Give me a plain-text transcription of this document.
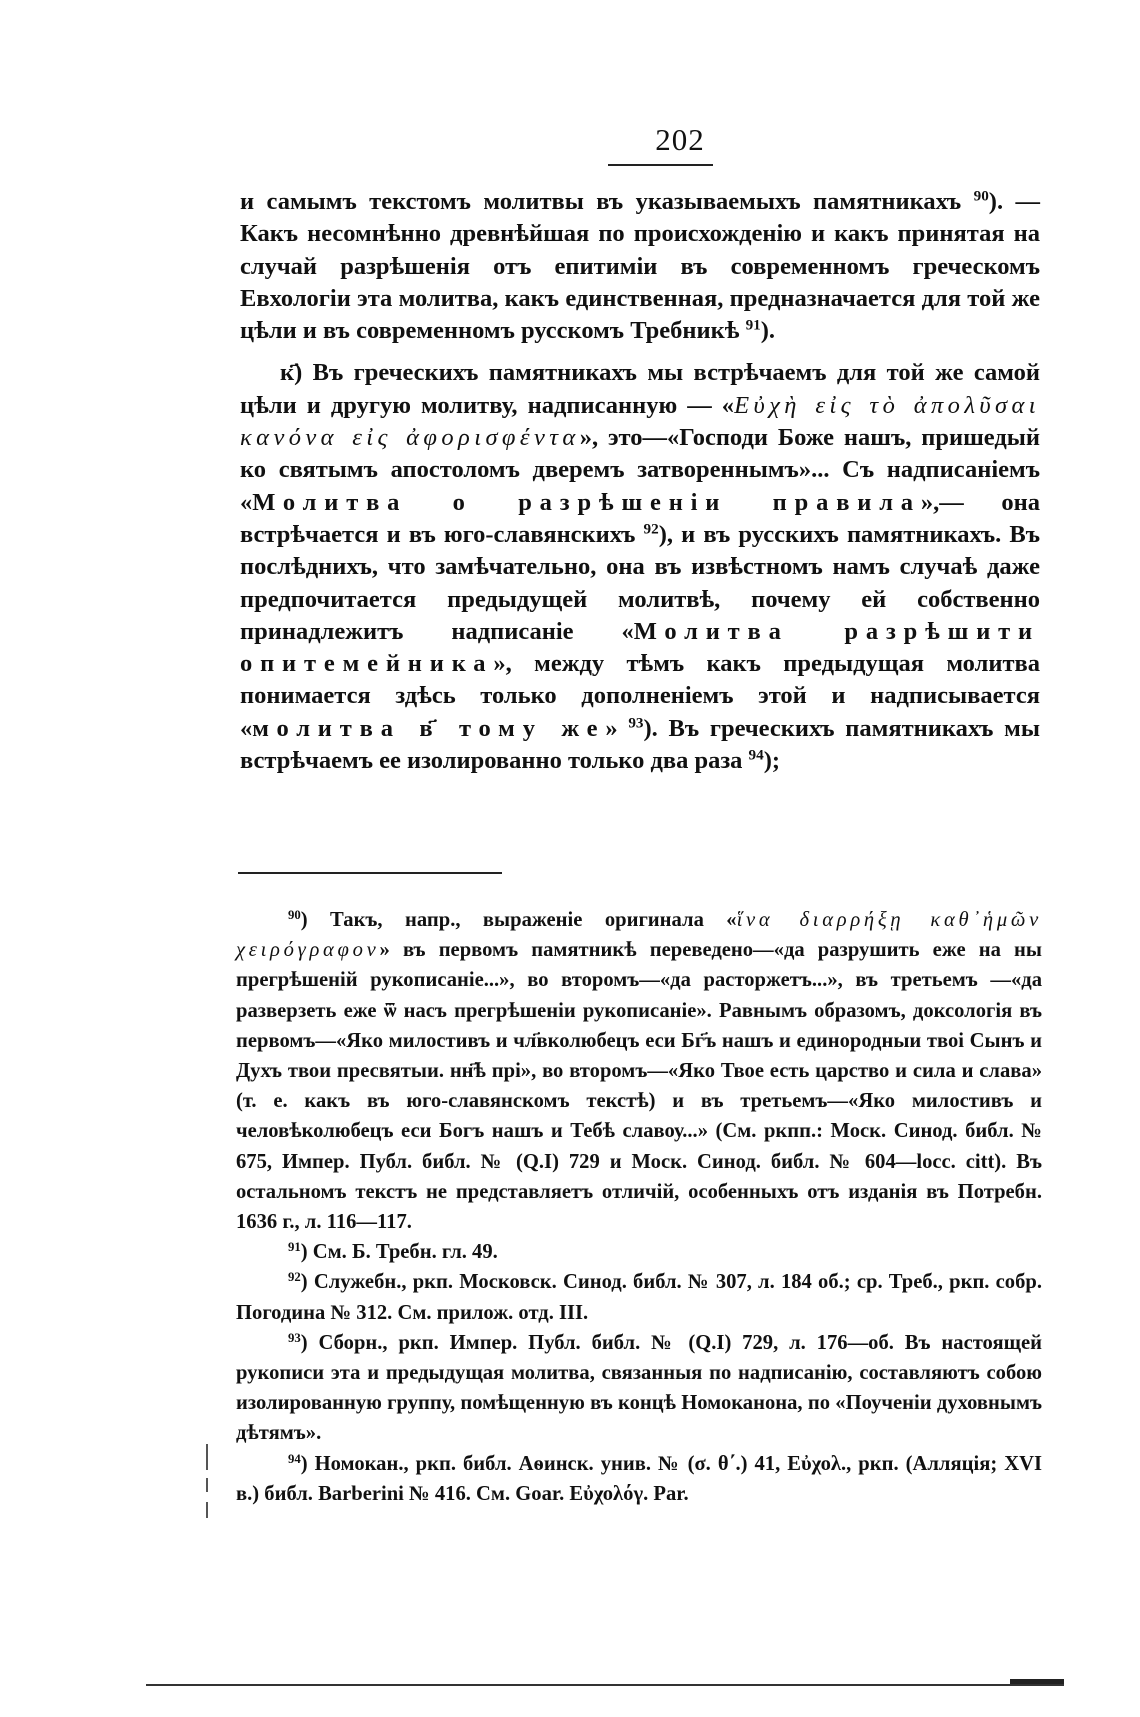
202

и самымъ текстомъ молитвы въ указываемыхъ памятникахъ $^{90}$). —Какъ несомнѣнно древнѣйшая по происхожденію и какъ принятая на случай разрѣшенія отъ епитиміи въ современномъ греческомъ Евхологіи эта молитва, какъ единственная, предназначается для той же цѣли и въ современномъ русскомъ Требникѣ $^{91}$).

к҃) Въ греческихъ памятникахъ мы встрѣчаемъ для той же самой цѣли и другую молитву, надписанную — «Εὐχὴ εἰς τὸ ἀπολῦσαι κανόνα εἰς ἀφορισφέντα», это—«Господи Боже нашъ, пришедый ко святымъ апостоломъ дверемъ затвореннымъ»... Съ надписаніемъ «Молитва о разрѣшеніи правила»,— она встрѣчается и въ юго-славянскихъ $^{92}$), и въ русскихъ памятникахъ. Въ послѣднихъ, что замѣчательно, она въ извѣстномъ намъ случаѣ даже предпочитается предыдущей молитвѣ, почему ей собственно принадлежитъ надписаніе «Молитва разрѣшити опитемейника», между тѣмъ какъ предыдущая молитва понимается здѣсь только дополненіемъ этой и надписывается «молитва в҃ тому же» $^{93}$). Въ греческихъ памятникахъ мы встрѣчаемъ ее изолированно только два раза $^{94}$);

$^{90}$) Такъ, напр., выраженіе оригинала «ἵνα διαρρήξῃ καθ᾽ἡμῶν χειρόγραφον» въ первомъ памятникѣ переведено—«да разрушить еже на ны прегрѣшеній рукописаніе...», во второмъ—«да расторжетъ...», въ третьемъ —«да разверзеть еже ѿ насъ прегрѣшеніи рукописаніе». Равнымъ образомъ, доксологія въ первомъ—«Яко милостивъ и чл҃вколюбецъ еси Бг҃ъ нашъ и единородныи твоі Сынъ и Духъ твои пресвятыи. нн҃ѣ прі», во второмъ—«Яко Твое есть царство и сила и слава» (т. е. какъ въ юго-славянскомъ текстѣ) и въ третьемъ—«Яко милостивъ и человѣколюбецъ еси Богъ нашъ и Тебѣ славоу...» (См. ркпп.: Моск. Синод. библ. № 675, Импер. Публ. библ. № (Q.I) 729 и Моск. Синод. библ. № 604—locc. citt). Въ остальномъ текстъ не представляетъ отличій, особенныхъ отъ изданія въ Потребн. 1636 г., л. 116—117.

$^{91}$) См. Б. Требн. гл. 49.

$^{92}$) Служебн., ркп. Московск. Синод. библ. № 307, л. 184 об.; ср. Треб., ркп. собр. Погодина № 312. См. прилож. отд. III.

$^{93}$) Сборн., ркп. Импер. Публ. библ. № (Q.I) 729, л. 176—об. Въ настоящей рукописи эта и предыдущая молитва, связанныя по надписанію, составляютъ собою изолированную группу, помѣщенную въ концѣ Номоканона, по «Поученіи духовнымъ дѣтямъ».

$^{94}$) Номокан., ркп. библ. Аѳинск. унив. № (σ. θ΄.) 41, Εὐχολ., ркп. (Алляція; XVI в.) библ. Barberini № 416. См. Goar. Εὐχολόγ. Par.
